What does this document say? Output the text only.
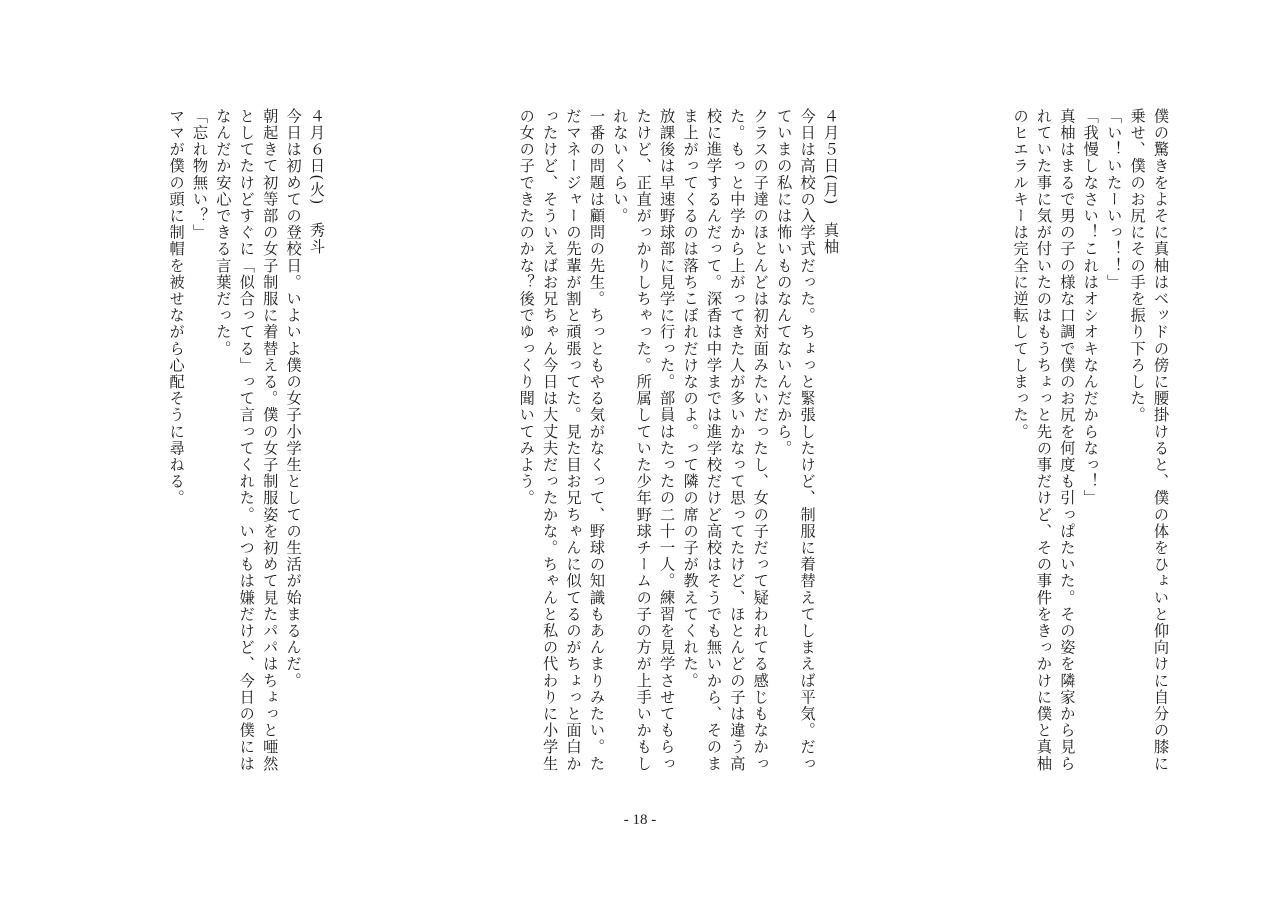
僕の驚きをよそに真柚はベッドの傍に腰掛けると、僕の体をひょいと仰向けに自分の膝に
乗せ、僕のお尻にその手を振り下ろした。
「い！いたーいっ！！」
「我慢しなさい！これはオシオキなんだからなっ！」
真柚はまるで男の子の様な口調で僕のお尻を何度も引っぱたいた。その姿を隣家から見ら
れていた事に気が付いたのはもうちょっと先の事だけど、その事件をきっかけに僕と真柚
のヒエラルキーは完全に逆転してしまった。
４月５日(月)　真柚
今日は高校の入学式だった。ちょっと緊張したけど、制服に着替えてしまえば平気。だっ
ていまの私には怖いものなんてないんだから。
クラスの子達のほとんどは初対面みたいだったし、女の子だって疑われてる感じもなかっ
た。もっと中学から上がってきた人が多いかなって思ってたけど、ほとんどの子は違う高
校に進学するんだって。深香は中学までは進学校だけど高校はそうでも無いから、そのま
ま上がってくるのは落ちこぼれだけなのよ。って隣の席の子が教えてくれた。
放課後は早速野球部に見学に行った。部員はたったの二十一人。練習を見学させてもらっ
たけど、正直がっかりしちゃった。所属していた少年野球チームの子の方が上手いかもし
れないくらい。
一番の問題は顧問の先生。ちっともやる気がなくって、野球の知識もあんまりみたい。た
だマネージャーの先輩が割と頑張ってた。見た目お兄ちゃんに似てるのがちょっと面白か
ったけど、そういえばお兄ちゃん今日は大丈夫だったかな。ちゃんと私の代わりに小学生
の女の子できたのかな？後でゆっくり聞いてみよう。
４月６日(火)　秀斗
今日は初めての登校日。いよいよ僕の女子小学生としての生活が始まるんだ。
朝起きて初等部の女子制服に着替える。僕の女子制服姿を初めて見たパパはちょっと唖然
としてたけどすぐに「似合ってる」って言ってくれた。いつもは嫌だけど、今日の僕には
なんだか安心できる言葉だった。
「忘れ物無い？」
ママが僕の頭に制帽を被せながら心配そうに尋ねる。
- 18 -
